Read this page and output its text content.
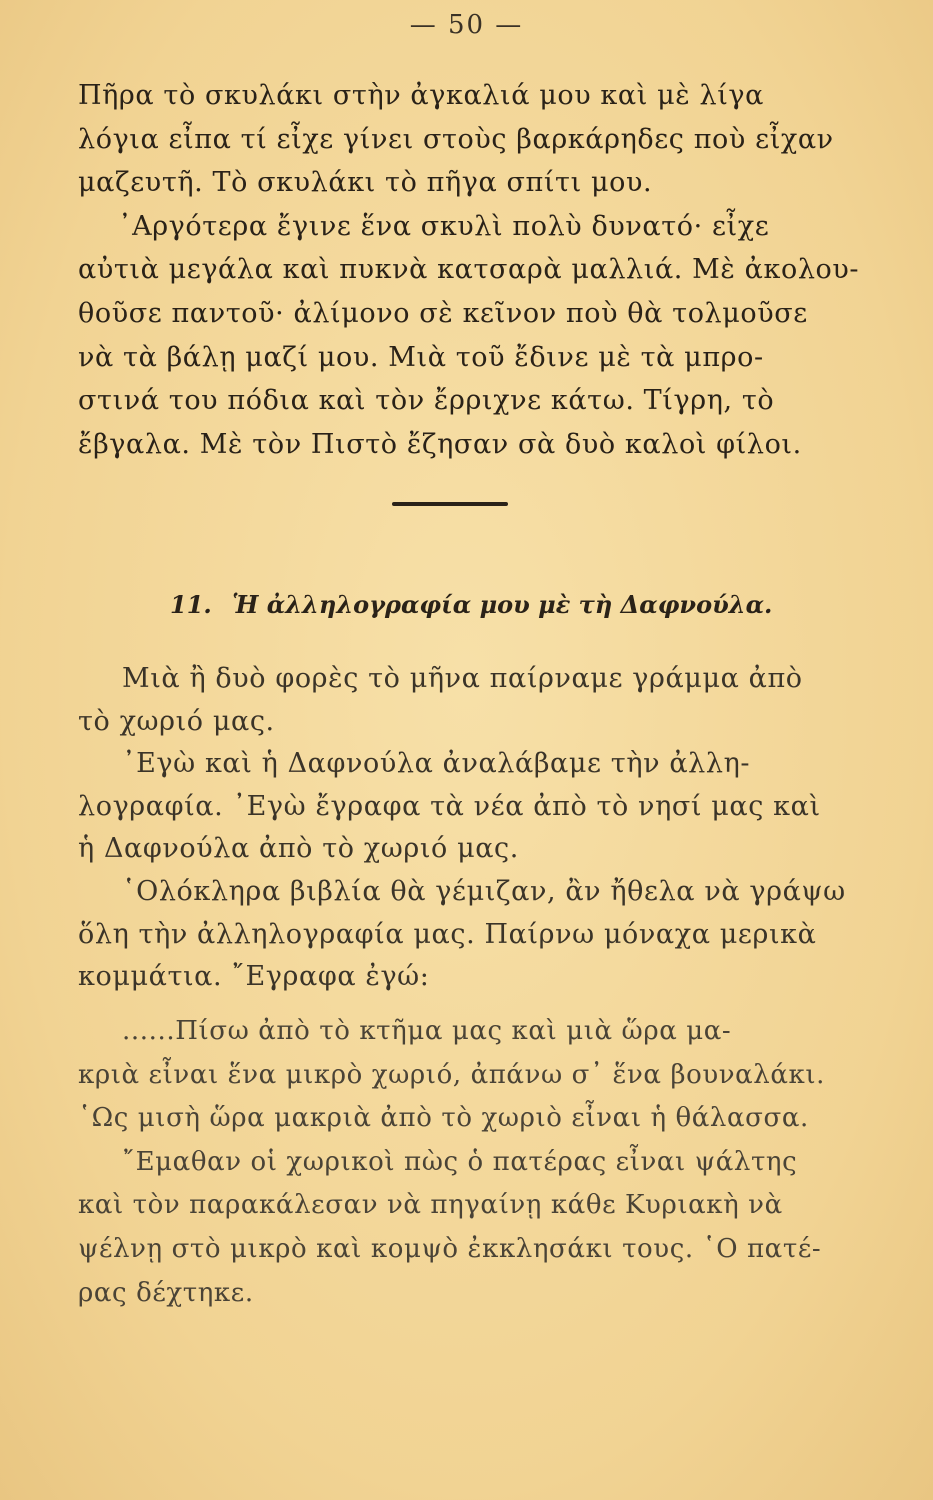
— 50 —
Πῆρα τὸ σκυλάκι στὴν ἀγκαλιά μου καὶ μὲ λίγα
λόγια εἶπα τί εἶχε γίνει στοὺς βαρκάρηδες ποὺ εἶχαν
μαζευτῆ. Τὸ σκυλάκι τὸ πῆγα σπίτι μου.
᾿Αργότερα ἔγινε ἕνα σκυλὶ πολὺ δυνατό· εἶχε
αὐτιὰ μεγάλα καὶ πυκνὰ κατσαρὰ μαλλιά. Μὲ ἀκολου-
θοῦσε παντοῦ· ἀλίμονο σὲ κεῖνον ποὺ θὰ τολμοῦσε
νὰ τὰ βάλῃ μαζί μου. Μιὰ τοῦ ἔδινε μὲ τὰ μπρο-
στινά του πόδια καὶ τὸν ἔρριχνε κάτω. Τίγρη, τὸ
ἔβγαλα. Μὲ τὸν Πιστὸ ἔζησαν σὰ δυὸ καλοὶ φίλοι.
11. Ἡ ἀλληλογραφία μου μὲ τὴ Δαφνούλα.
Μιὰ ἢ δυὸ φορὲς τὸ μῆνα παίρναμε γράμμα ἀπὸ
τὸ χωριό μας.
᾿Εγὼ καὶ ἡ Δαφνούλα ἀναλάβαμε τὴν ἀλλη-
λογραφία. ᾿Εγὼ ἔγραφα τὰ νέα ἀπὸ τὸ νησί μας καὶ
ἡ Δαφνούλα ἀπὸ τὸ χωριό μας.
῾Ολόκληρα βιβλία θὰ γέμιζαν, ἂν ἤθελα νὰ γράψω
ὅλη τὴν ἀλληλογραφία μας. Παίρνω μόναχα μερικὰ
κομμάτια. ῎Εγραφα ἐγώ:
......Πίσω ἀπὸ τὸ κτῆμα μας καὶ μιὰ ὥρα μα-
κριὰ εἶναι ἕνα μικρὸ χωριό, ἀπάνω σ᾿ ἕνα βουναλάκι.
῾Ως μισὴ ὥρα μακριὰ ἀπὸ τὸ χωριὸ εἶναι ἡ θάλασσα.
῎Εμαθαν οἱ χωρικοὶ πὼς ὁ πατέρας εἶναι ψάλτης
καὶ τὸν παρακάλεσαν νὰ πηγαίνῃ κάθε Κυριακὴ νὰ
ψέλνῃ στὸ μικρὸ καὶ κομψὸ ἐκκλησάκι τους. ῾Ο πατέ-
ρας δέχτηκε.
